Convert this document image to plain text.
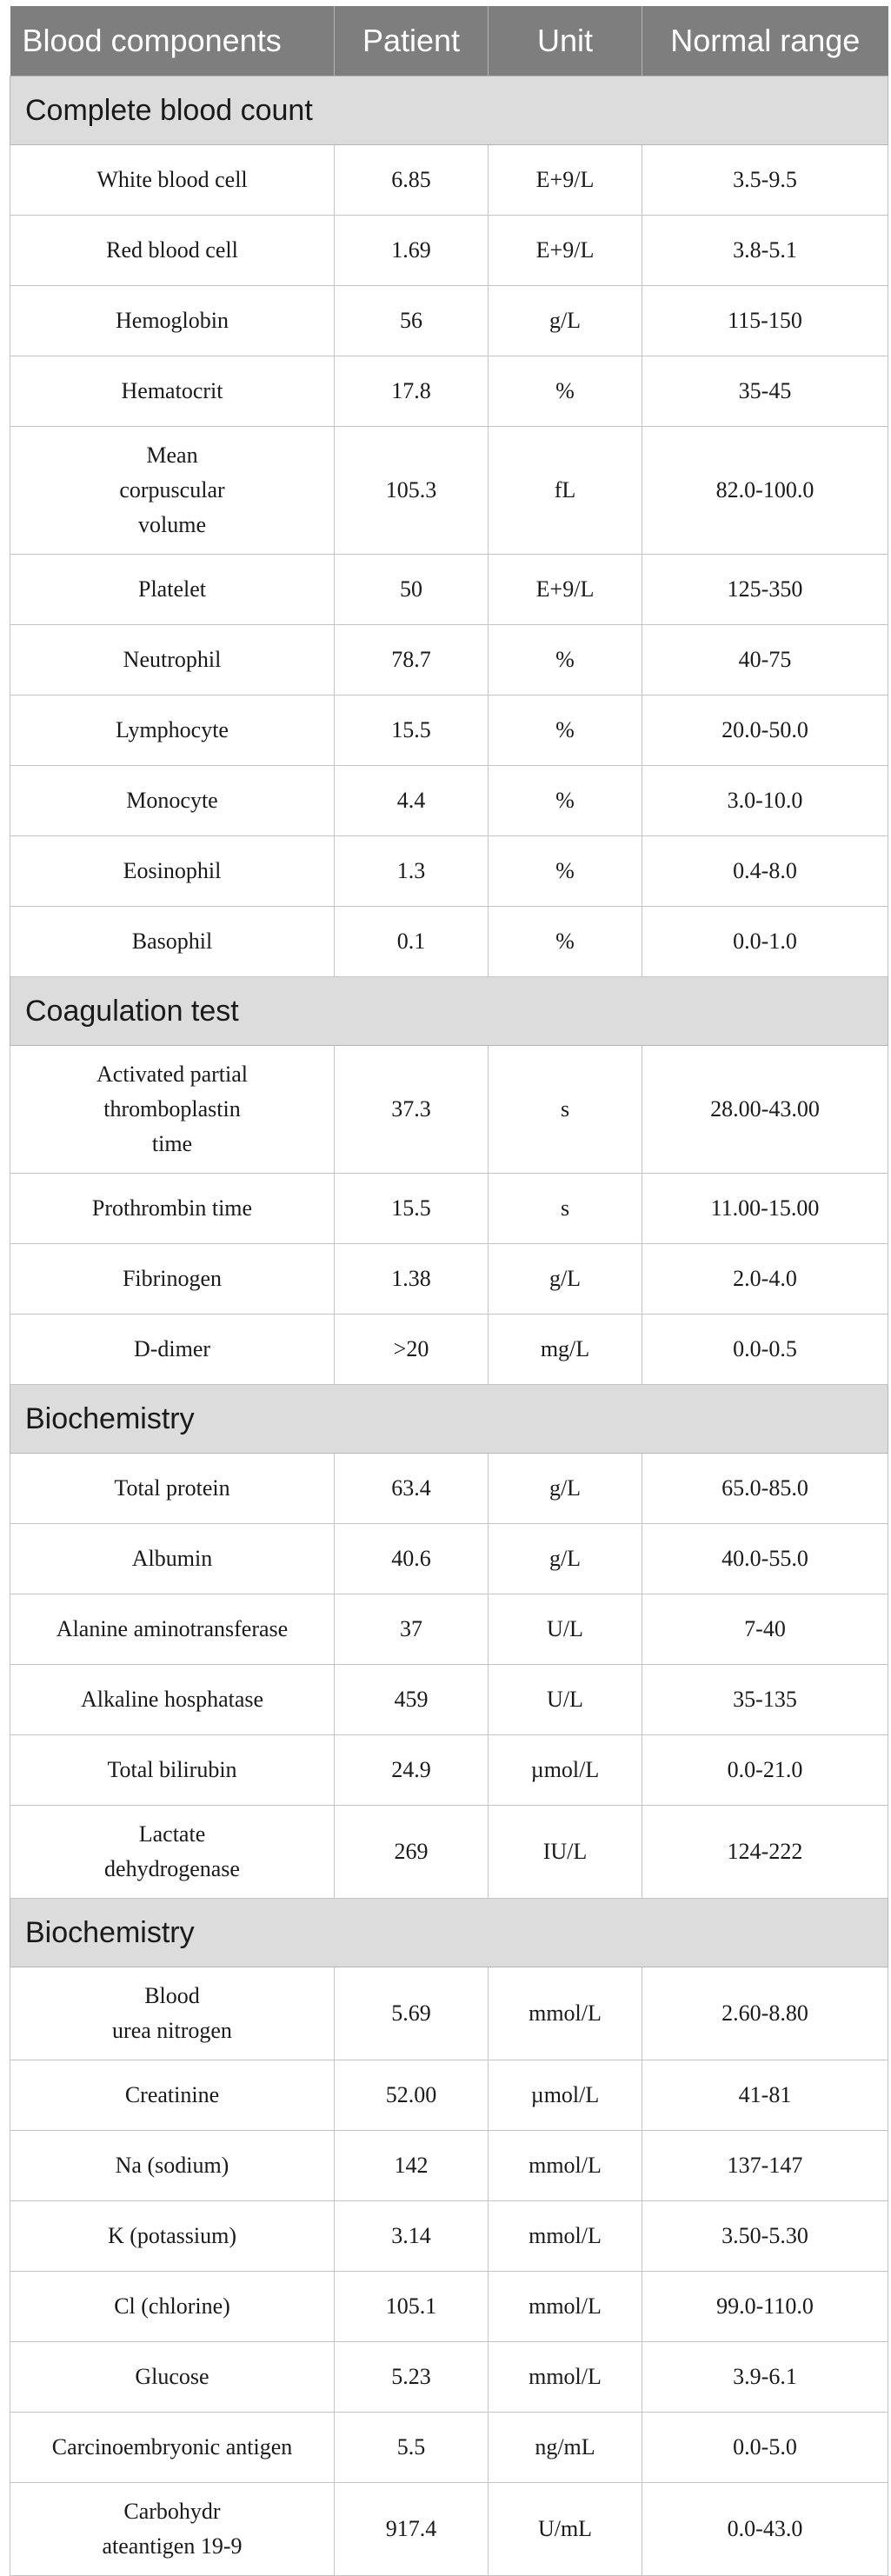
Blood components	Patient	Unit	Normal range
Complete blood count			
White blood cell	6.85	E+9/L	3.5-9.5
Red blood cell	1.69	E+9/L	3.8-5.1
Hemoglobin	56	g/L	115-150
Hematocrit	17.8	%	35-45
Mean
corpuscular
volume	105.3	fL	82.0-100.0
Platelet	50	E+9/L	125-350
Neutrophil	78.7	%	40-75
Lymphocyte	15.5	%	20.0-50.0
Monocyte	4.4	%	3.0-10.0
Eosinophil	1.3	%	0.4-8.0
Basophil	0.1	%	0.0-1.0
Coagulation test			
Activated partial
thromboplastin
time	37.3	s	28.00-43.00
Prothrombin time	15.5	s	11.00-15.00
Fibrinogen	1.38	g/L	2.0-4.0
D-dimer	>20	mg/L	0.0-0.5
Biochemistry			
Total protein	63.4	g/L	65.0-85.0
Albumin	40.6	g/L	40.0-55.0
Alanine aminotransferase	37	U/L	7-40
Alkaline hosphatase	459	U/L	35-135
Total bilirubin	24.9	µmol/L	0.0-21.0
Lactate
dehydrogenase	269	IU/L	124-222
Biochemistry			
Blood
urea nitrogen	5.69	mmol/L	2.60-8.80
Creatinine	52.00	µmol/L	41-81
Na (sodium)	142	mmol/L	137-147
K (potassium)	3.14	mmol/L	3.50-5.30
Cl (chlorine)	105.1	mmol/L	99.0-110.0
Glucose	5.23	mmol/L	3.9-6.1
Carcinoembryonic antigen	5.5	ng/mL	0.0-5.0
Carbohydr
ateantigen 19-9	917.4	U/mL	0.0-43.0
